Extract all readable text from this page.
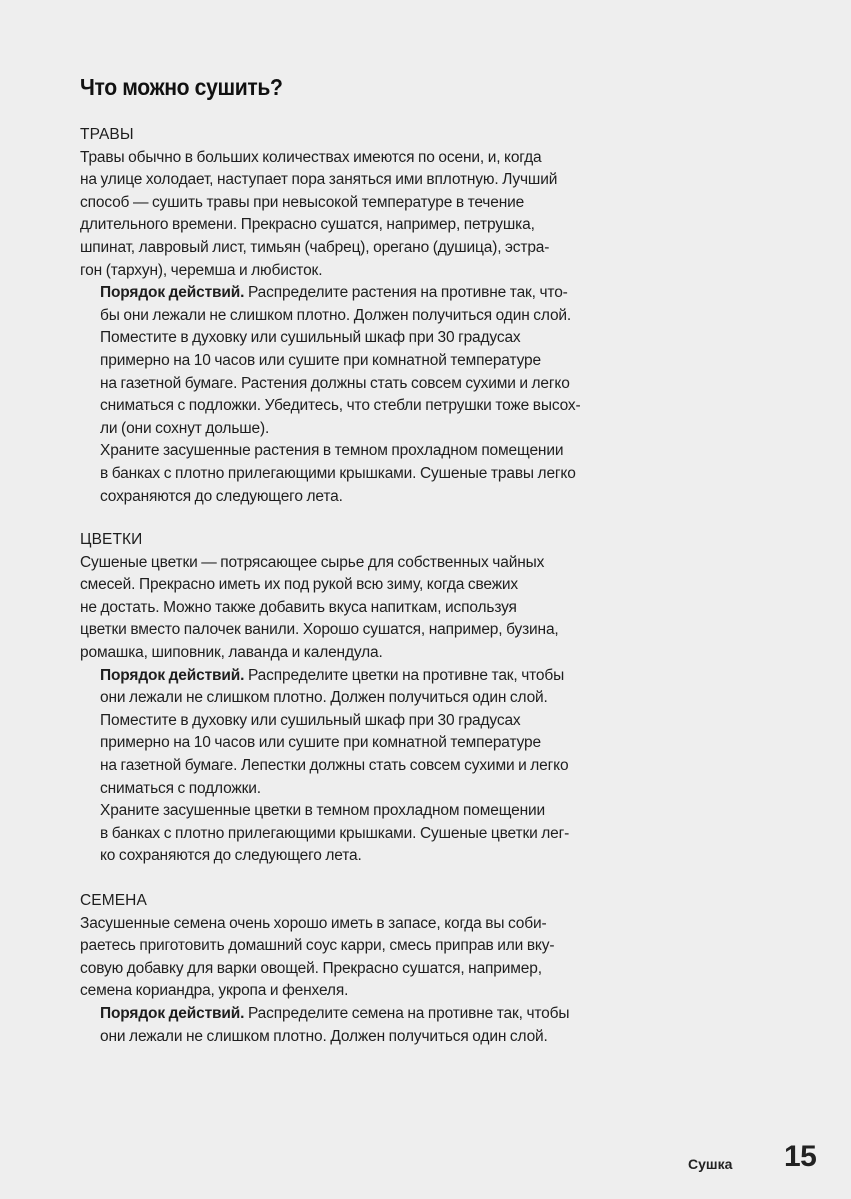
Что можно сушить?
ТРАВЫ

Травы обычно в больших количествах имеются по осени, и, когда
на улице холодает, наступает пора заняться ими вплотную. Лучший
способ — сушить травы при невысокой температуре в течение
длительного времени. Прекрасно сушатся, например, петрушка,
шпинат, лавровый лист, тимьян (чабрец), орегано (душица), эстра-
гон (тархун), черемша и любисток.

Порядок действий. Распределите растения на противне так, что-
бы они лежали не слишком плотно. Должен получиться один слой.

Поместите в духовку или сушильный шкаф при 30 градусах
примерно на 10 часов или сушите при комнатной температуре
на газетной бумаге. Растения должны стать совсем сухими и легко
сниматься с подложки. Убедитесь, что стебли петрушки тоже высох-
ли (они сохнут дольше).

Храните засушенные растения в темном прохладном помещении
в банках с плотно прилегающими крышками. Сушеные травы легко
сохраняются до следующего лета.

ЦВЕТКИ

Сушеные цветки — потрясающее сырье для собственных чайных
смесей. Прекрасно иметь их под рукой всю зиму, когда свежих
не достать. Можно также добавить вкуса напиткам, используя
цветки вместо палочек ванили. Хорошо сушатся, например, бузина,
ромашка, шиповник, лаванда и календула.

Порядок действий. Распределите цветки на противне так, чтобы
они лежали не слишком плотно. Должен получиться один слой.

Поместите в духовку или сушильный шкаф при 30 градусах
примерно на 10 часов или сушите при комнатной температуре
на газетной бумаге. Лепестки должны стать совсем сухими и легко
сниматься с подложки.

Храните засушенные цветки в темном прохладном помещении
в банках с плотно прилегающими крышками. Сушеные цветки лег-
ко сохраняются до следующего лета.

СЕМЕНА

Засушенные семена очень хорошо иметь в запасе, когда вы соби-
раетесь приготовить домашний соус карри, смесь приправ или вку-
совую добавку для варки овощей. Прекрасно сушатся, например,
семена кориандра, укропа и фенхеля.

Порядок действий. Распределите семена на противне так, чтобы
они лежали не слишком плотно. Должен получиться один слой.

Сушка 15
